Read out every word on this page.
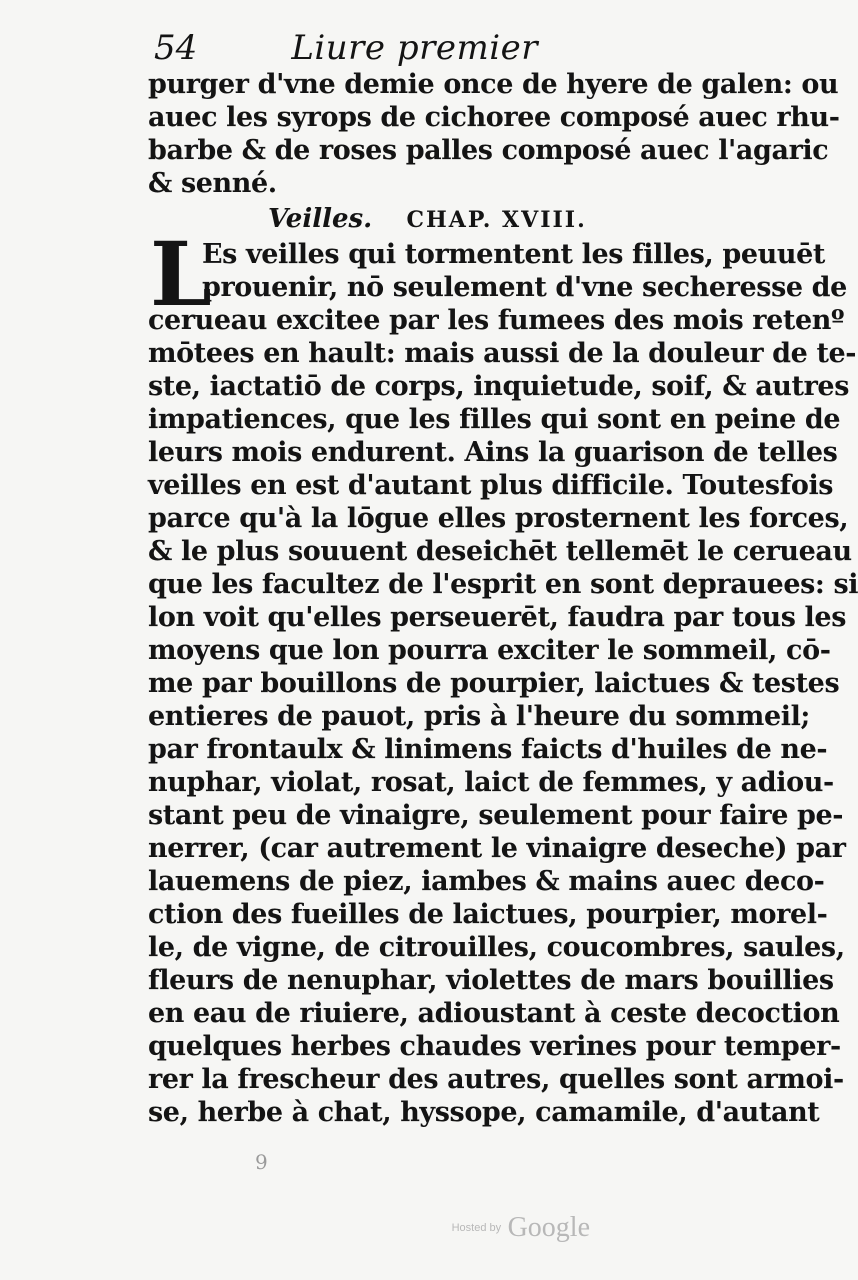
54	Liure premier
purger d'vne demie once de hyere de galen: ou
auec les syrops de cichoree composé auec rhu-
barbe & de roses palles composé auec l'agaric
& senné.
Veilles. CHAP. XVIII.
L
Es veilles qui tormentent les filles, peuuēt
prouenir, nō seulement d'vne secheresse de
cerueau excitee par les fumees des mois retenº
mōtees en hault: mais aussi de la douleur de te-
ste, iactatiō de corps, inquietude, soif, & autres
impatiences, que les filles qui sont en peine de
leurs mois endurent. Ains la guarison de telles
veilles en est d'autant plus difficile. Toutesfois
parce qu'à la lōgue elles prosternent les forces,
& le plus souuent deseichēt tellemēt le cerueau
que les facultez de l'esprit en sont deprauees: si
lon voit qu'elles perseuerēt, faudra par tous les
moyens que lon pourra exciter le sommeil, cō-
me par bouillons de pourpier, laictues & testes
entieres de pauot, pris à l'heure du sommeil;
par frontaulx & linimens faicts d'huiles de ne-
nuphar, violat, rosat, laict de femmes, y adiou-
stant peu de vinaigre, seulement pour faire pe-
nerrer, (car autrement le vinaigre deseche) par
lauemens de piez, iambes & mains auec deco-
ction des fueilles de laictues, pourpier, morel-
le, de vigne, de citrouilles, coucombres, saules,
fleurs de nenuphar, violettes de mars bouillies
en eau de riuiere, adioustant à ceste decoction
quelques herbes chaudes verines pour temper-
rer la frescheur des autres, quelles sont armoi-
se, herbe à chat, hyssope, camamile, d'autant
9
Hosted by Google
